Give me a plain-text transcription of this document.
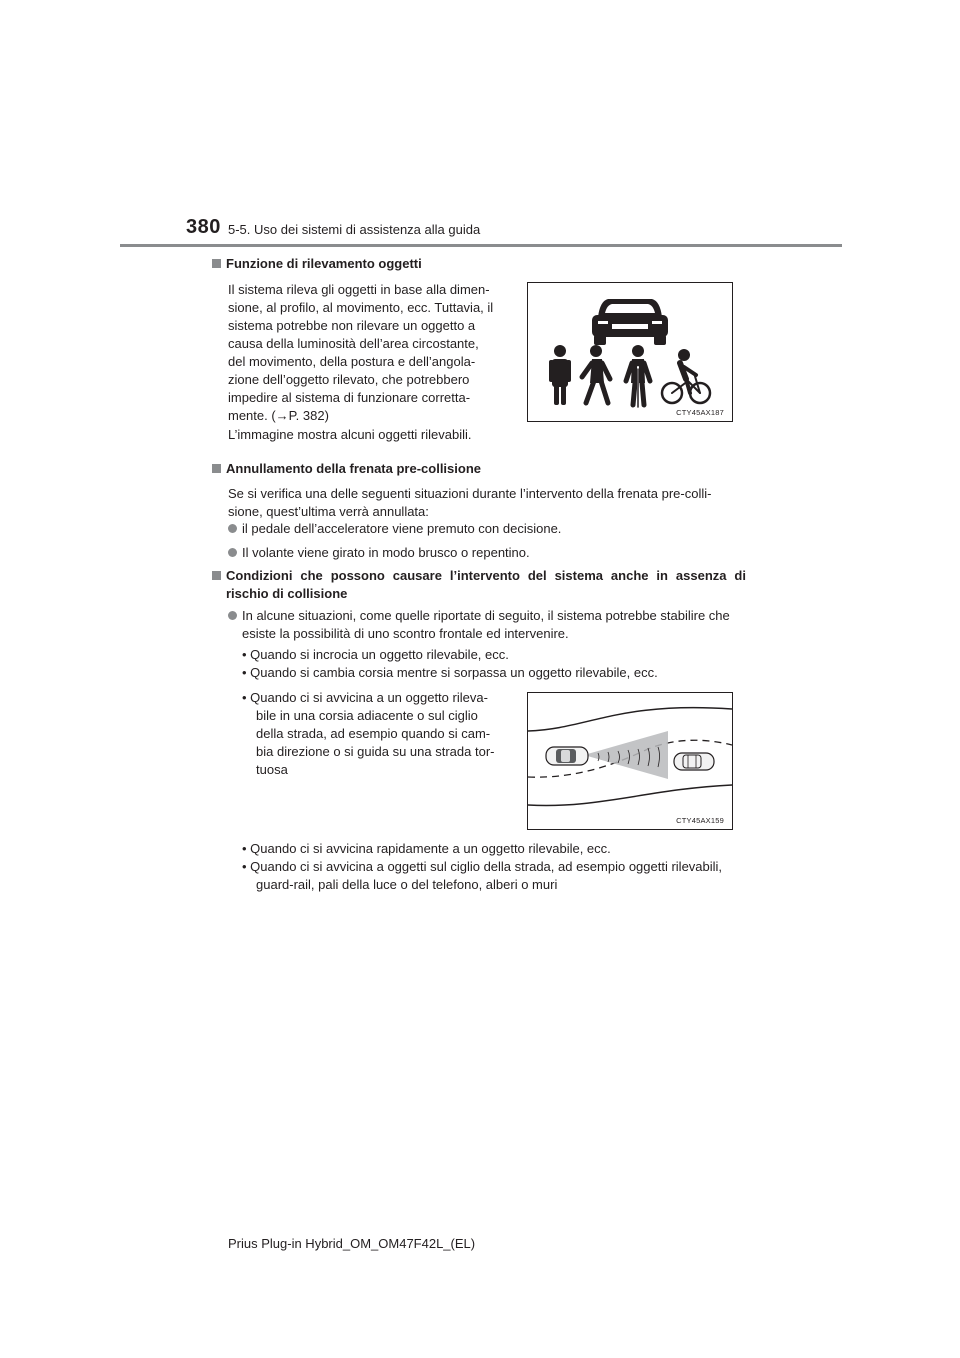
380 5-5. Uso dei sistemi di assistenza alla guida
Funzione di rilevamento oggetti
Il sistema rileva gli oggetti in base alla dimen-
sione, al profilo, al movimento, ecc. Tuttavia, il
sistema potrebbe non rilevare un oggetto a
causa della luminosità dell’area circostante,
del movimento, della postura e dell’angola-
zione dell’oggetto rilevato, che potrebbero
impedire al sistema di funzionare corretta-
mente. (→P. 382)
L’immagine mostra alcuni oggetti rilevabili.
CTY45AX187
Annullamento della frenata pre-collisione
Se si verifica una delle seguenti situazioni durante l’intervento della frenata pre-colli-
sione, quest’ultima verrà annullata:
il pedale dell’acceleratore viene premuto con decisione.
Il volante viene girato in modo brusco o repentino.
Condizioni che possono causare l’intervento del sistema anche in assenza di
rischio di collisione
In alcune situazioni, come quelle riportate di seguito, il sistema potrebbe stabilire che
esiste la possibilità di uno scontro frontale ed intervenire.
• Quando si incrocia un oggetto rilevabile, ecc.
• Quando si cambia corsia mentre si sorpassa un oggetto rilevabile, ecc.
• Quando ci si avvicina a un oggetto rileva-
bile in una corsia adiacente o sul ciglio
della strada, ad esempio quando si cam-
bia direzione o si guida su una strada tor-
tuosa
CTY45AX159
• Quando ci si avvicina rapidamente a un oggetto rilevabile, ecc.
• Quando ci si avvicina a oggetti sul ciglio della strada, ad esempio oggetti rilevabili,
guard-rail, pali della luce o del telefono, alberi o muri
Prius Plug-in Hybrid_OM_OM47F42L_(EL)
